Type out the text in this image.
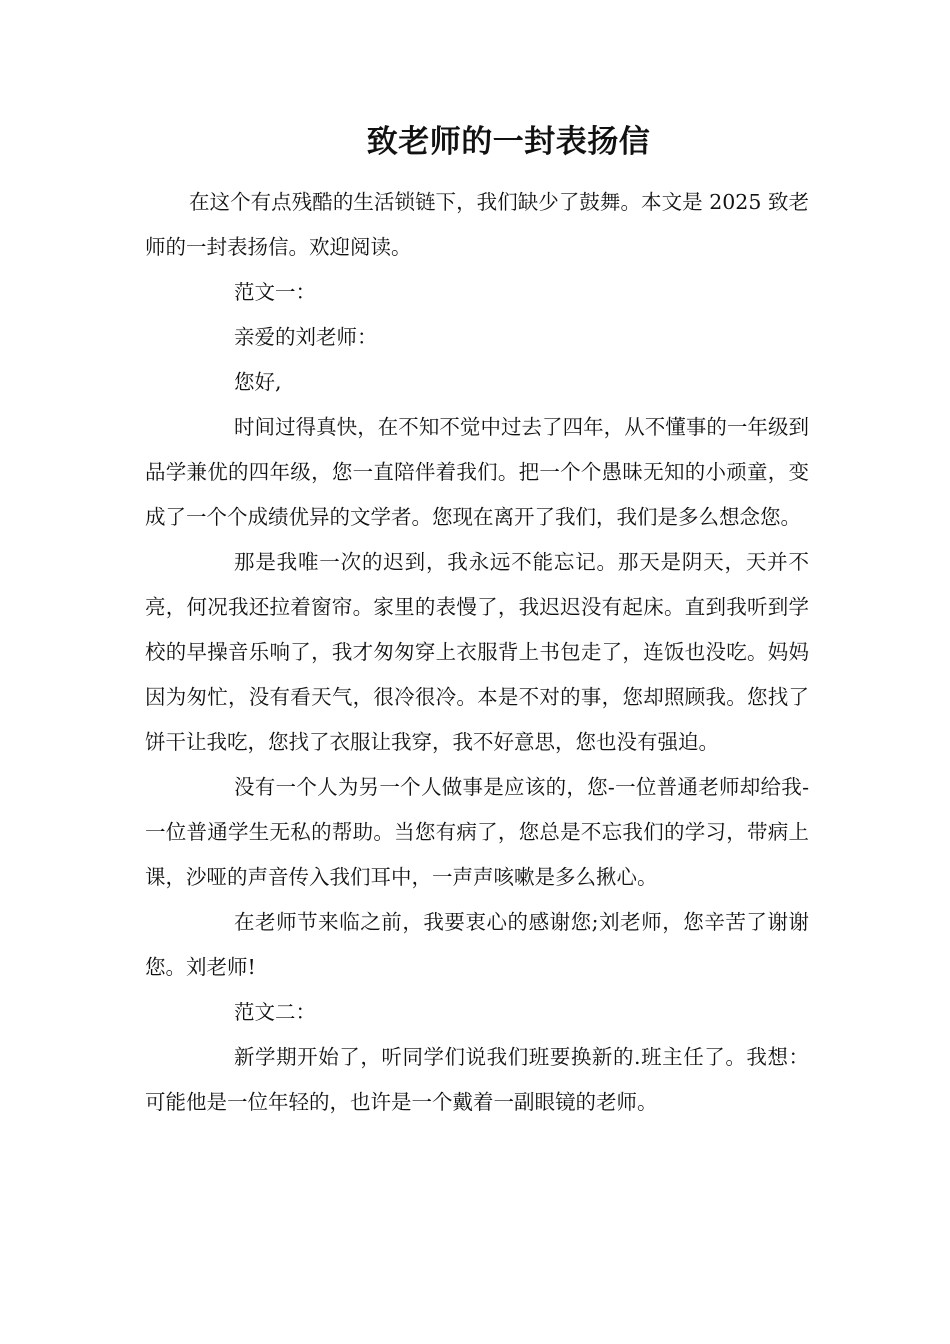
致老师的一封表扬信

在这个有点残酷的生活锁链下，我们缺少了鼓舞。本文是 2025 致老师的一封表扬信。欢迎阅读。

范文一：

亲爱的刘老师：

您好,

时间过得真快，在不知不觉中过去了四年，从不懂事的一年级到品学兼优的四年级，您一直陪伴着我们。把一个个愚昧无知的小顽童，变成了一个个成绩优异的文学者。您现在离开了我们，我们是多么想念您。

那是我唯一次的迟到，我永远不能忘记。那天是阴天，天并不亮，何况我还拉着窗帘。家里的表慢了，我迟迟没有起床。直到我听到学校的早操音乐响了，我才匆匆穿上衣服背上书包走了，连饭也没吃。妈妈因为匆忙，没有看天气，很冷很冷。本是不对的事，您却照顾我。您找了饼干让我吃，您找了衣服让我穿，我不好意思，您也没有强迫。

没有一个人为另一个人做事是应该的，您-一位普通老师却给我-一位普通学生无私的帮助。当您有病了，您总是不忘我们的学习，带病上课，沙哑的声音传入我们耳中，一声声咳嗽是多么揪心。

在老师节来临之前，我要衷心的感谢您;刘老师，您辛苦了谢谢您。刘老师!

范文二：

新学期开始了，听同学们说我们班要换新的.班主任了。我想：可能他是一位年轻的，也许是一个戴着一副眼镜的老师。
